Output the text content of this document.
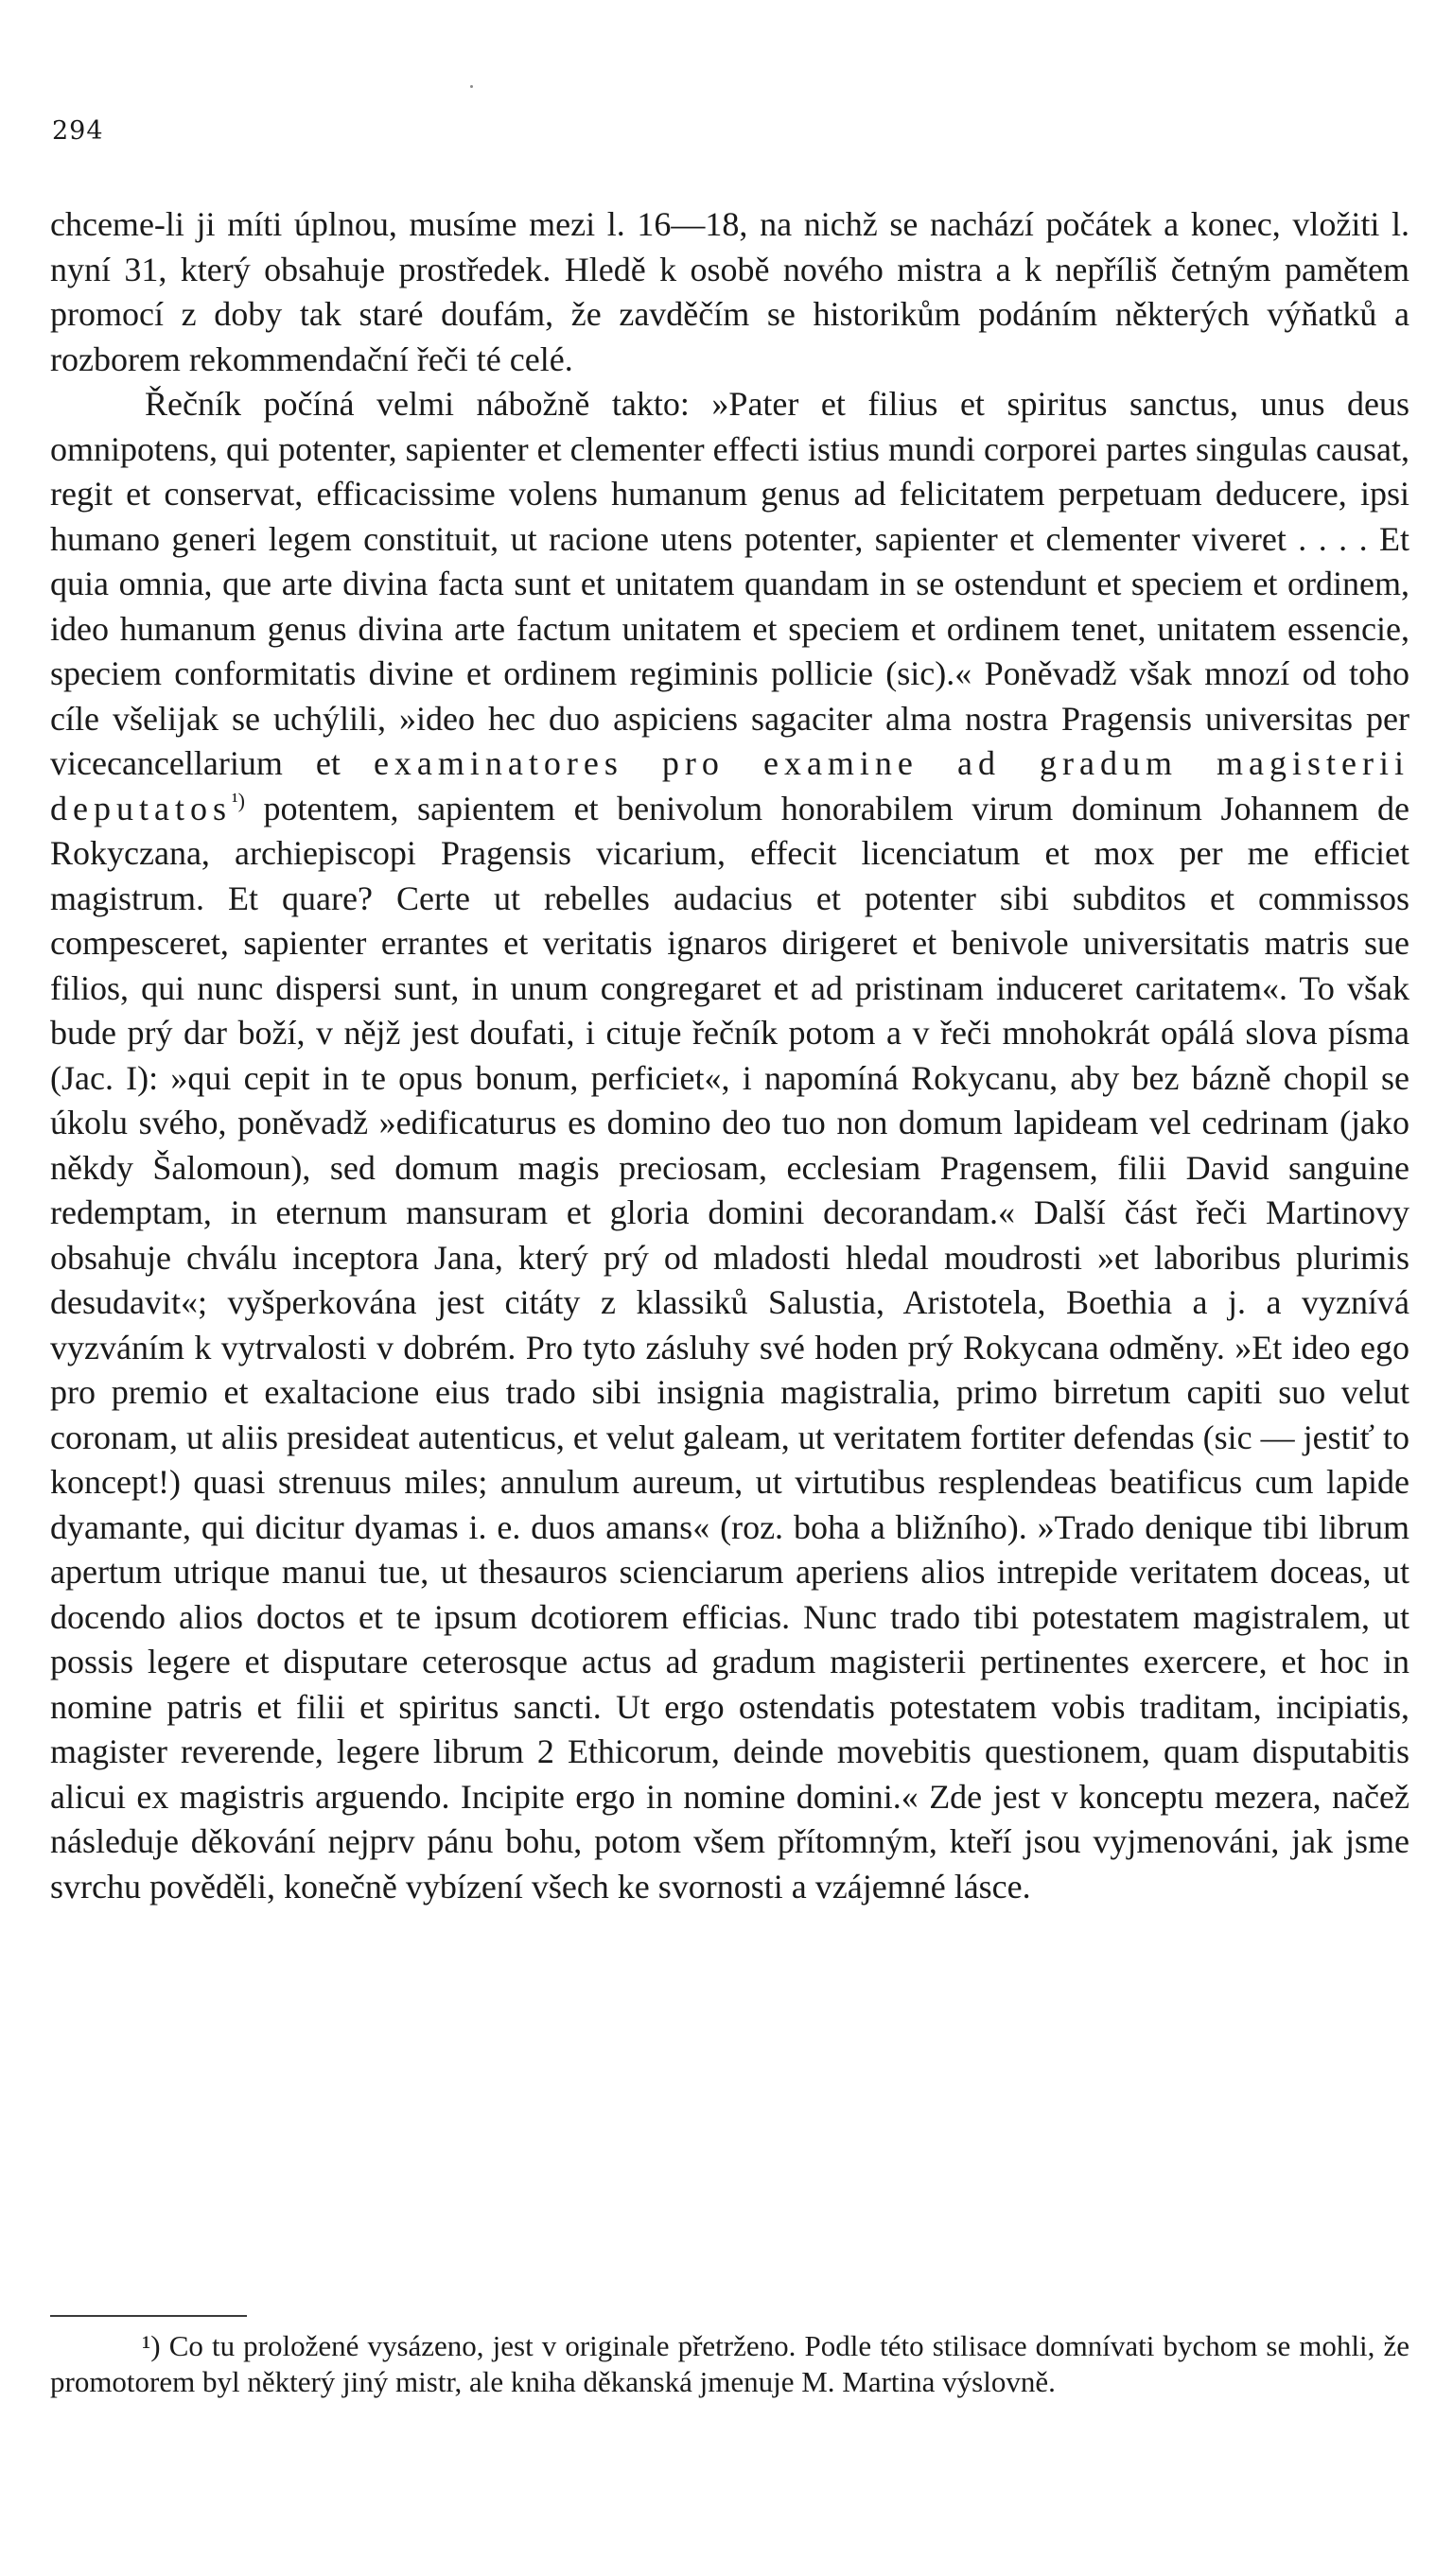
294

chceme-li ji míti úplnou, musíme mezi l. 16—18, na nichž se nachází počátek a konec, vložiti l. nyní 31, který obsahuje prostředek. Hledě k osobě nového mistra a k nepříliš četným pamětem promocí z doby tak staré doufám, že zavděčím se historikům podáním některých výňatků a rozborem rekommendační řeči té celé.

Řečník počíná velmi nábožně takto: »Pater et filius et spiritus sanctus, unus deus omnipotens, qui potenter, sapienter et clementer effecti istius mundi corporei partes singulas causat, regit et conservat, efficacissime volens humanum genus ad felicitatem perpetuam deducere, ipsi humano generi legem constituit, ut racione utens potenter, sapienter et clementer viveret . . . . Et quia omnia, que arte divina facta sunt et unitatem quandam in se ostendunt et speciem et ordinem, ideo humanum genus divina arte factum unitatem et speciem et ordinem tenet, unitatem essencie, speciem conformitatis divine et ordinem regiminis pollicie (sic).« Poněvadž však mnozí od toho cíle všelijak se uchýlili, »ideo hec duo aspiciens sagaciter alma nostra Pragensis universitas per vicecancellarium et examinatores pro examine ad gradum magisterii deputatos$^{^1)}$ potentem, sapientem et benivolum honorabilem virum dominum Johannem de Rokyczana, archiepiscopi Pragensis vicarium, effecit licenciatum et mox per me efficiet magistrum. Et quare? Certe ut rebelles audacius et potenter sibi subditos et commissos compesceret, sapienter errantes et veritatis ignaros dirigeret et benivole universitatis matris sue filios, qui nunc dispersi sunt, in unum congregaret et ad pristinam induceret caritatem«. To však bude prý dar boží, v nějž jest doufati, i cituje řečník potom a v řeči mnohokrát opálá slova písma (Jac. I): »qui cepit in te opus bonum, perficiet«, i napomíná Rokycanu, aby bez bázně chopil se úkolu svého, poněvadž »edificaturus es domino deo tuo non domum lapideam vel cedrinam (jako někdy Šalomoun), sed domum magis preciosam, ecclesiam Pragensem, filii David sanguine redemptam, in eternum mansuram et gloria domini decorandam.« Další část řeči Martinovy obsahuje chválu inceptora Jana, který prý od mladosti hledal moudrosti »et laboribus plurimis desudavit«; vyšperkována jest citáty z klassiků Salustia, Aristotela, Boethia a j. a vyznívá vyzváním k vytrvalosti v dobrém. Pro tyto zásluhy své hoden prý Rokycana odměny. »Et ideo ego pro premio et exaltacione eius trado sibi insignia magistralia, primo birretum capiti suo velut coronam, ut aliis presideat autenticus, et velut galeam, ut veritatem fortiter defendas (sic — jestiť to koncept!) quasi strenuus miles; annulum aureum, ut virtutibus resplendeas beatificus cum lapide dyamante, qui dicitur dyamas i. e. duos amans« (roz. boha a bližního). »Trado denique tibi librum apertum utrique manui tue, ut thesauros scienciarum aperiens alios intrepide veritatem doceas, ut docendo alios doctos et te ipsum dcotiorem efficias. Nunc trado tibi potestatem magistralem, ut possis legere et disputare ceterosque actus ad gradum magisterii pertinentes exercere, et hoc in nomine patris et filii et spiritus sancti. Ut ergo ostendatis potestatem vobis traditam, incipiatis, magister reverende, legere librum 2 Ethicorum, deinde movebitis questionem, quam disputabitis alicui ex magistris arguendo. Incipite ergo in nomine domini.« Zde jest v konceptu mezera, načež následuje děkování nejprv pánu bohu, potom všem přítomným, kteří jsou vyjmenováni, jak jsme svrchu pověděli, konečně vybízení všech ke svornosti a vzájemné lásce.

¹) Co tu proložené vysázeno, jest v originale přetrženo. Podle této stilisace domnívati bychom se mohli, že promotorem byl některý jiný mistr, ale kniha děkanská jmenuje M. Martina výslovně.
